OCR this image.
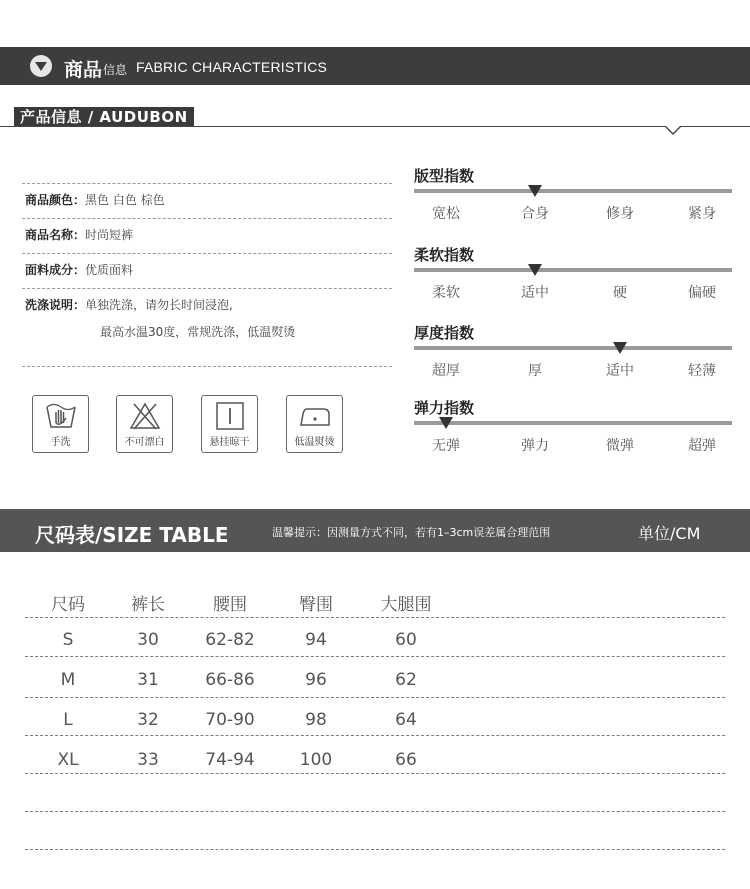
商品 信息 FABRIC CHARACTERISTICS
产品信息 / AUDUBON
商品颜色：黑色 白色 棕色
商品名称：时尚短裤
面料成分：优质面料
洗涤说明：单独洗涤，请勿长时间浸泡,
最高水温30度，常规洗涤，低温熨烫
手洗	不可漂白	悬挂晾干	低温熨烫
版型指数
宽松	合身	修身	紧身
柔软指数
柔软	适中	硬	偏硬
厚度指数
超厚	厚	适中	轻薄
弹力指数
无弹	弹力	微弹	超弹
尺码表/SIZE TABLE	温馨提示：因测量方式不同，若有1–3cm误差属合理范围	单位/CM
尺码	裤长	腰围	臀围	大腿围
S	30	62-82	94	60
M	31	66-86	96	62
L	32	70-90	98	64
XL	33	74-94	100	66
